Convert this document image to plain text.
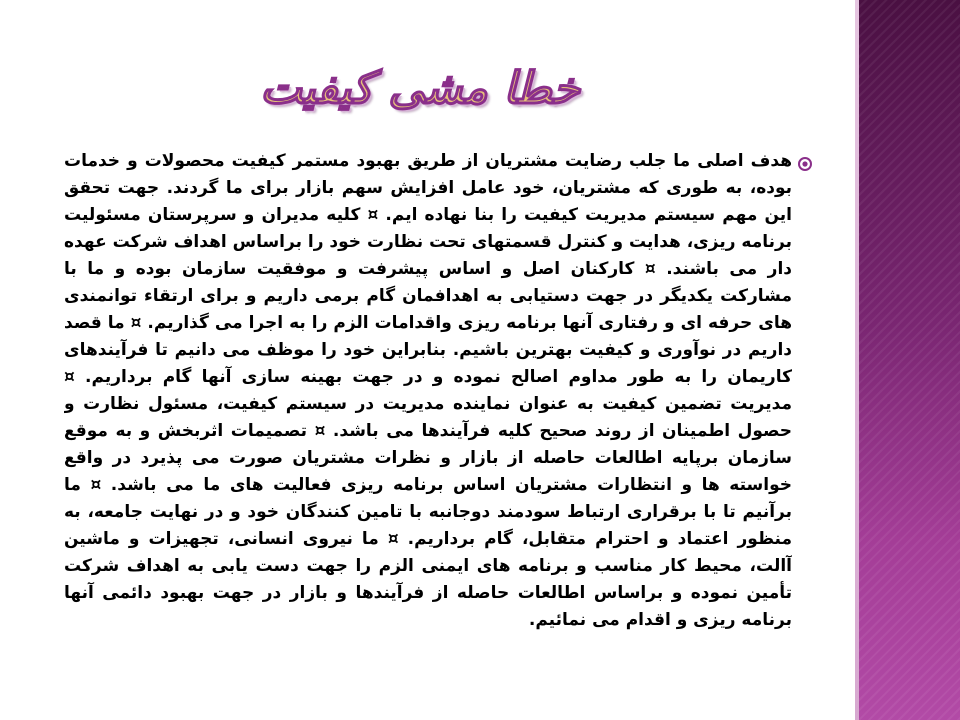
خطا مشی کیفیت
هدف اصلی ما جلب رضایت مشتریان از طریق بهبود مستمر کیفیت محصولات و خدمات بوده، به طوری که مشتریان، خود عامل افزایش سهم بازار برای ما گردند. جهت تحقق این مهم سیستم مدیریت کیفیت را بنا نهاده ایم. ¤ کلیه مدیران و سرپرستان مسئولیت برنامه ریزی، هدایت و کنترل قسمتهای تحت نظارت خود را براساس اهداف شرکت عهده دار می باشند. ¤ کارکنان اصل و اساس پیشرفت و موفقیت سازمان بوده و ما با مشارکت یکدیگر در جهت دستیابی به اهدافمان گام برمی داریم و برای ارتقاء توانمندی های حرفه ای و رفتاری آنها برنامه ریزی واقدامات الزم را به اجرا می گذاریم. ¤ ما قصد داریم در نوآوری و کیفیت بهترین باشیم. بنابراین خود را موظف می دانیم تا فرآیندهای کاریمان را به طور مداوم اصالح نموده و در جهت بهینه سازی آنها گام برداریم. ¤ مدیریت تضمین کیفیت به عنوان نماینده مدیریت در سیستم کیفیت، مسئول نظارت و حصول اطمینان از روند صحیح کلیه فرآیندها می باشد. ¤ تصمیمات اثربخش و به موقع سازمان برپایه اطالعات حاصله از بازار و نظرات مشتریان صورت می پذیرد در واقع خواسته ها و انتظارات مشتریان اساس برنامه ریزی فعالیت های ما می باشد. ¤ ما برآنیم تا با برقراری ارتباط سودمند دوجانبه با تامین کنندگان خود و در نهایت جامعه، به منظور اعتماد و احترام متقابل، گام برداریم. ¤ ما نیروی انسانی، تجهیزات و ماشین آالت، محیط کار مناسب و برنامه های ایمنی الزم را جهت دست یابی به اهداف شرکت تأمین نموده و براساس اطالعات حاصله از فرآیندها و بازار در جهت بهبود دائمی آنها برنامه ریزی و اقدام می نمائیم.
